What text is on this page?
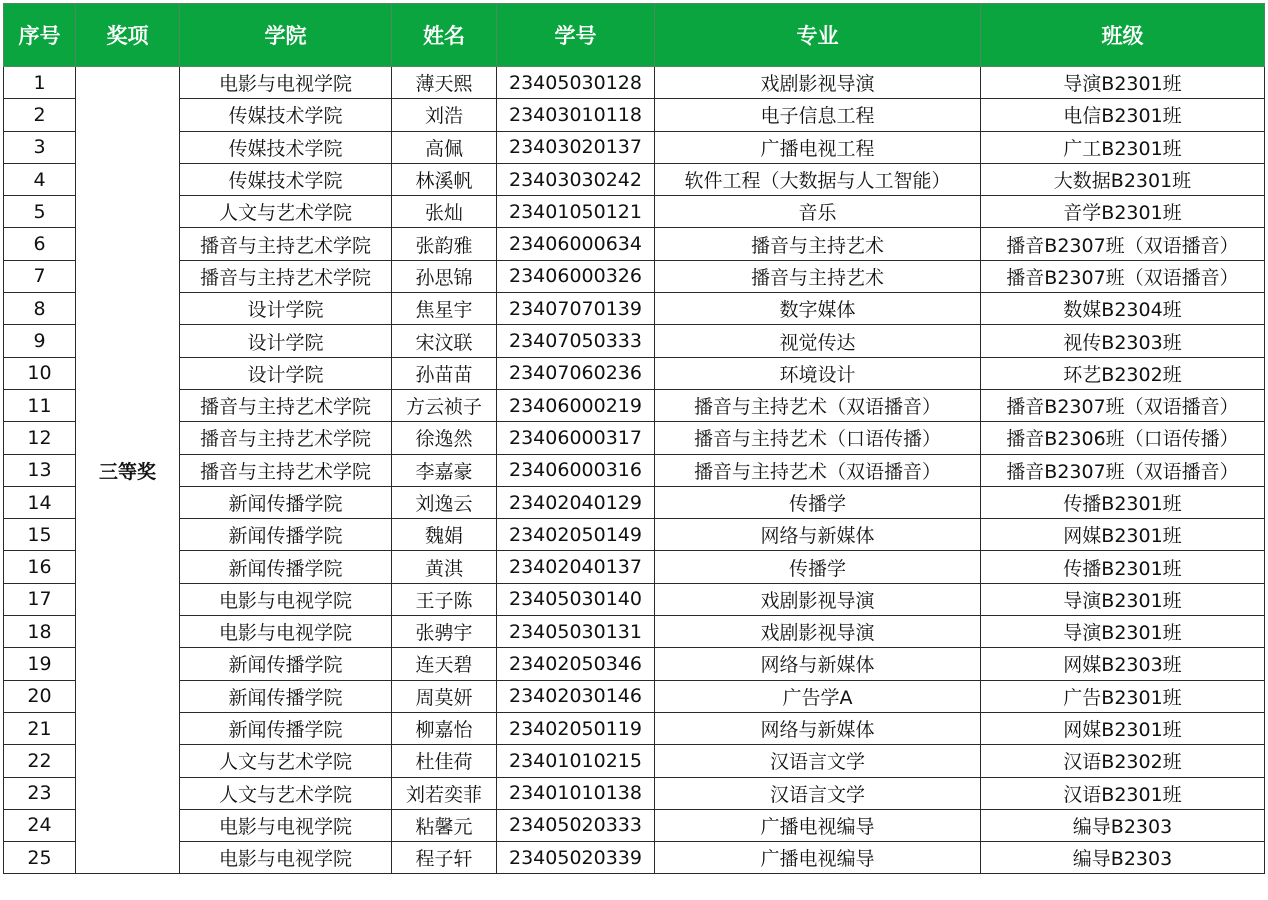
序号	奖项	学院	姓名	学号	专业	班级
1	三等奖	电影与电视学院	薄天熙	23405030128	戏剧影视导演	导演B2301班
2		传媒技术学院	刘浩	23403010118	电子信息工程	电信B2301班
3		传媒技术学院	高佩	23403020137	广播电视工程	广工B2301班
4		传媒技术学院	林溪帆	23403030242	软件工程（大数据与人工智能）	大数据B2301班
5		人文与艺术学院	张灿	23401050121	音乐	音学B2301班
6		播音与主持艺术学院	张韵雅	23406000634	播音与主持艺术	播音B2307班（双语播音）
7		播音与主持艺术学院	孙思锦	23406000326	播音与主持艺术	播音B2307班（双语播音）
8		设计学院	焦星宇	23407070139	数字媒体	数媒B2304班
9		设计学院	宋汶联	23407050333	视觉传达	视传B2303班
10		设计学院	孙苗苗	23407060236	环境设计	环艺B2302班
11		播音与主持艺术学院	方云祯子	23406000219	播音与主持艺术（双语播音）	播音B2307班（双语播音）
12		播音与主持艺术学院	徐逸然	23406000317	播音与主持艺术（口语传播）	播音B2306班（口语传播）
13		播音与主持艺术学院	李嘉豪	23406000316	播音与主持艺术（双语播音）	播音B2307班（双语播音）
14		新闻传播学院	刘逸云	23402040129	传播学	传播B2301班
15		新闻传播学院	魏娟	23402050149	网络与新媒体	网媒B2301班
16		新闻传播学院	黄淇	23402040137	传播学	传播B2301班
17		电影与电视学院	王子陈	23405030140	戏剧影视导演	导演B2301班
18		电影与电视学院	张骋宇	23405030131	戏剧影视导演	导演B2301班
19		新闻传播学院	连天碧	23402050346	网络与新媒体	网媒B2303班
20		新闻传播学院	周莫妍	23402030146	广告学A	广告B2301班
21		新闻传播学院	柳嘉怡	23402050119	网络与新媒体	网媒B2301班
22		人文与艺术学院	杜佳荷	23401010215	汉语言文学	汉语B2302班
23		人文与艺术学院	刘若奕菲	23401010138	汉语言文学	汉语B2301班
24		电影与电视学院	粘馨元	23405020333	广播电视编导	编导B2303
25		电影与电视学院	程子轩	23405020339	广播电视编导	编导B2303
